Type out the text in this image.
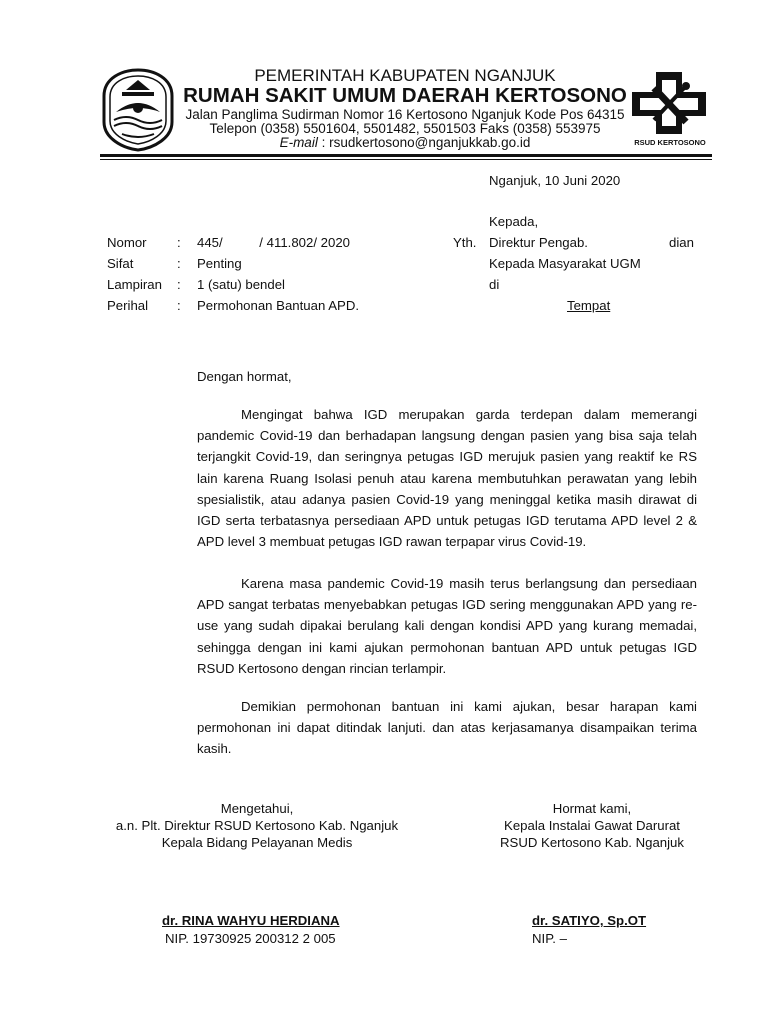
PEMERINTAH KABUPATEN NGANJUK
RUMAH SAKIT UMUM DAERAH KERTOSONO
Jalan Panglima Sudirman Nomor 16 Kertosono Nganjuk Kode Pos 64315
Telepon (0358) 5501604, 5501482, 5501503 Faks (0358) 553975
E-mail : rsudkertosono@nganjukkab.go.id	RSUD KERTOSONO
Nganjuk, 10 Juni 2020
Kepada,
Yth. Direktur Pengab.	dian
Kepada Masyarakat UGM
di
Tempat
Nomor : 445/          / 411.802/ 2020
Sifat	: Penting
Lampiran : 1 (satu) bendel
Perihal : Permohonan Bantuan APD.
Dengan hormat,
Mengingat bahwa IGD merupakan garda terdepan dalam memerangi pandemic Covid-19 dan berhadapan langsung dengan pasien yang bisa saja telah terjangkit Covid-19, dan seringnya petugas IGD merujuk pasien yang reaktif ke RS lain karena Ruang Isolasi penuh atau karena membutuhkan perawatan yang lebih spesialistik, atau adanya pasien Covid-19 yang meninggal ketika masih dirawat di IGD serta terbatasnya persediaan APD untuk petugas IGD terutama APD level 2 & APD level 3 membuat petugas IGD rawan terpapar virus Covid-19.
Karena masa pandemic Covid-19 masih terus berlangsung dan persediaan APD sangat terbatas menyebabkan petugas IGD sering menggunakan APD yang re-use yang sudah dipakai berulang kali dengan kondisi APD yang kurang memadai, sehingga dengan ini kami ajukan permohonan bantuan APD untuk petugas IGD RSUD Kertosono dengan rincian terlampir.
Demikian permohonan bantuan ini kami ajukan, besar harapan kami permohonan ini dapat ditindak lanjuti. dan atas kerjasamanya disampaikan terima kasih.
Mengetahui,
a.n. Plt. Direktur RSUD Kertosono Kab. Nganjuk
Kepala Bidang Pelayanan Medis
dr. RINA WAHYU HERDIANA
NIP. 19730925 200312 2 005
Hormat kami,
Kepala Instalai Gawat Darurat
RSUD Kertosono Kab. Nganjuk
dr. SATIYO, Sp.OT
NIP. –
